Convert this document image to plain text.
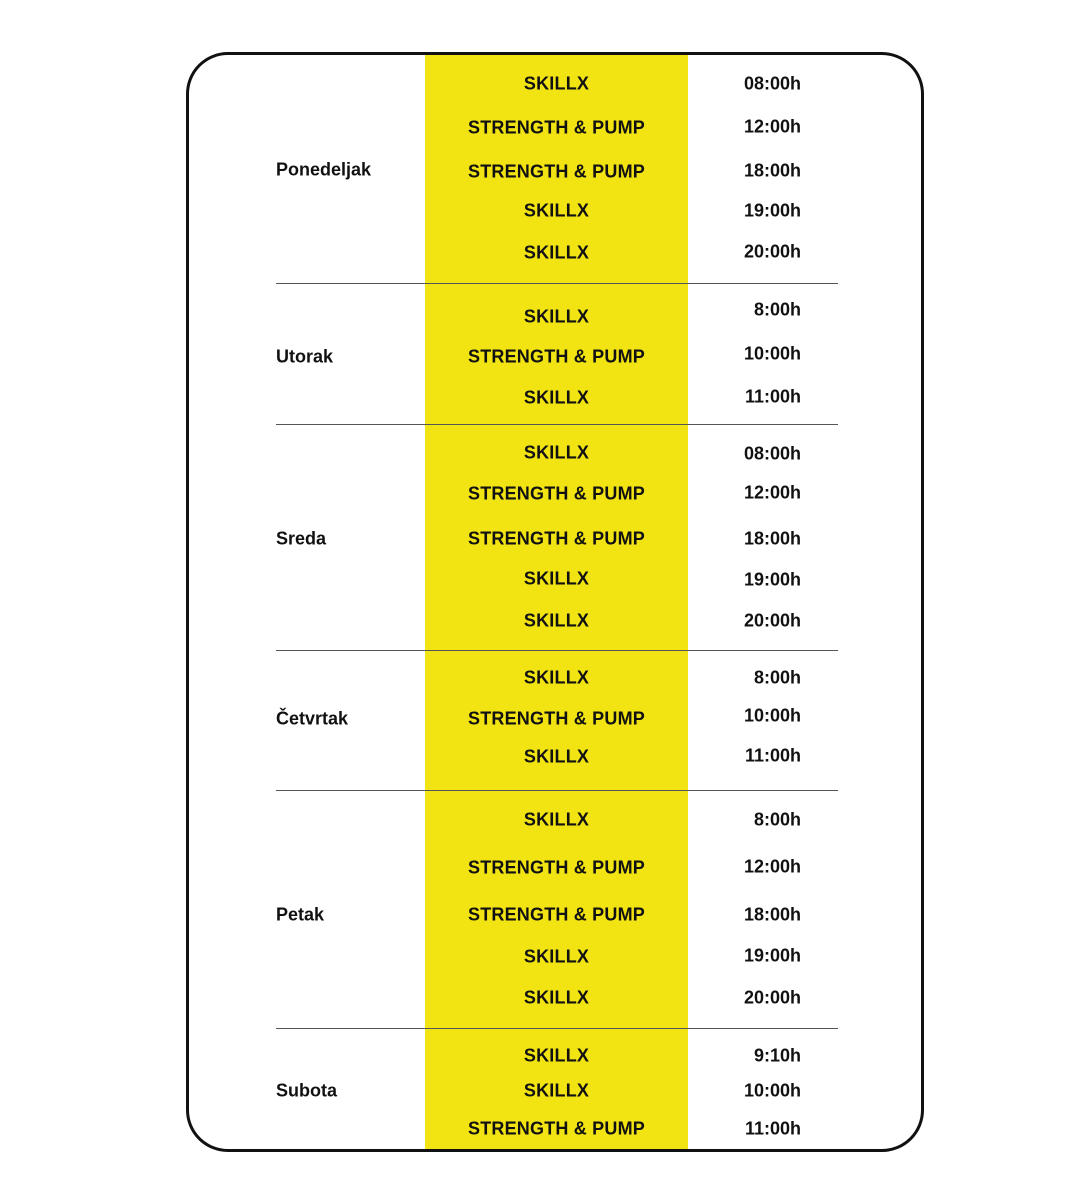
Ponedeljak
SKILLX	08:00h
STRENGTH & PUMP	12:00h
STRENGTH & PUMP	18:00h
SKILLX	19:00h
SKILLX	20:00h
Utorak
SKILLX	8:00h
STRENGTH & PUMP	10:00h
SKILLX	11:00h
Sreda
SKILLX	08:00h
STRENGTH & PUMP	12:00h
STRENGTH & PUMP	18:00h
SKILLX	19:00h
SKILLX	20:00h
Četvrtak
SKILLX	8:00h
STRENGTH & PUMP	10:00h
SKILLX	11:00h
Petak
SKILLX	8:00h
STRENGTH & PUMP	12:00h
STRENGTH & PUMP	18:00h
SKILLX	19:00h
SKILLX	20:00h
Subota
SKILLX	9:10h
SKILLX	10:00h
STRENGTH & PUMP	11:00h
